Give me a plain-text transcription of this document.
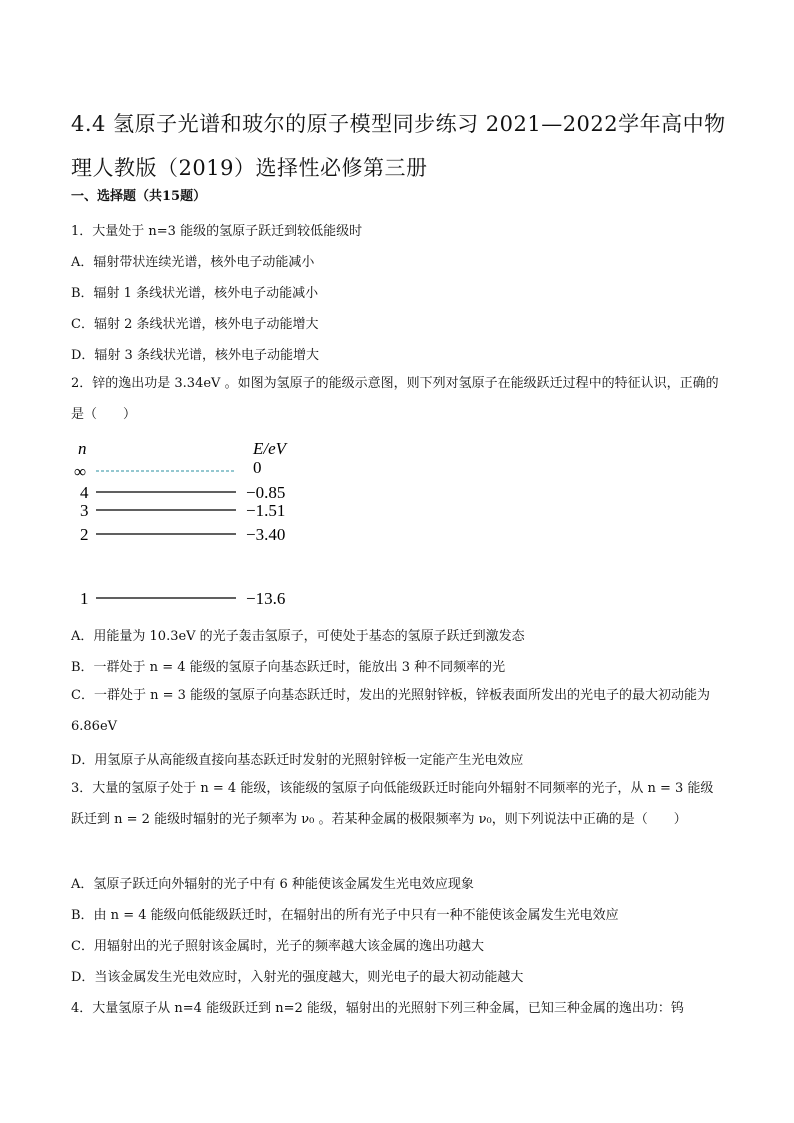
4.4 氢原子光谱和玻尔的原子模型同步练习 2021—2022学年高中物理人教版（2019）选择性必修第三册
一、选择题（共15题）
1．大量处于 n=3 能级的氢原子跃迁到较低能级时
A．辐射带状连续光谱，核外电子动能减小
B．辐射 1 条线状光谱，核外电子动能减小
C．辐射 2 条线状光谱，核外电子动能增大
D．辐射 3 条线状光谱，核外电子动能增大
2．锌的逸出功是 3.34eV 。如图为氢原子的能级示意图，则下列对氢原子在能级跃迁过程中的特征认识，正确的是（　　）
n	E/eV
∞	0
4	−0.85
3	−1.51
2	−3.40
1	−13.6
A．用能量为 10.3eV 的光子轰击氢原子，可使处于基态的氢原子跃迁到激发态
B．一群处于 n = 4 能级的氢原子向基态跃迁时，能放出 3 种不同频率的光
C．一群处于 n = 3 能级的氢原子向基态跃迁时，发出的光照射锌板，锌板表面所发出的光电子的最大初动能为 6.86eV
D．用氢原子从高能级直接向基态跃迁时发射的光照射锌板一定能产生光电效应
3．大量的氢原子处于 n = 4 能级，该能级的氢原子向低能级跃迁时能向外辐射不同频率的光子，从 n = 3 能级跃迁到 n = 2 能级时辐射的光子频率为 ν₀ 。若某种金属的极限频率为 ν₀，则下列说法中正确的是（　　）
A．氢原子跃迁向外辐射的光子中有 6 种能使该金属发生光电效应现象
B．由 n = 4 能级向低能级跃迁时，在辐射出的所有光子中只有一种不能使该金属发生光电效应
C．用辐射出的光子照射该金属时，光子的频率越大该金属的逸出功越大
D．当该金属发生光电效应时，入射光的强度越大，则光电子的最大初动能越大
4．大量氢原子从 n=4 能级跃迁到 n=2 能级，辐射出的光照射下列三种金属，已知三种金属的逸出功：钨
